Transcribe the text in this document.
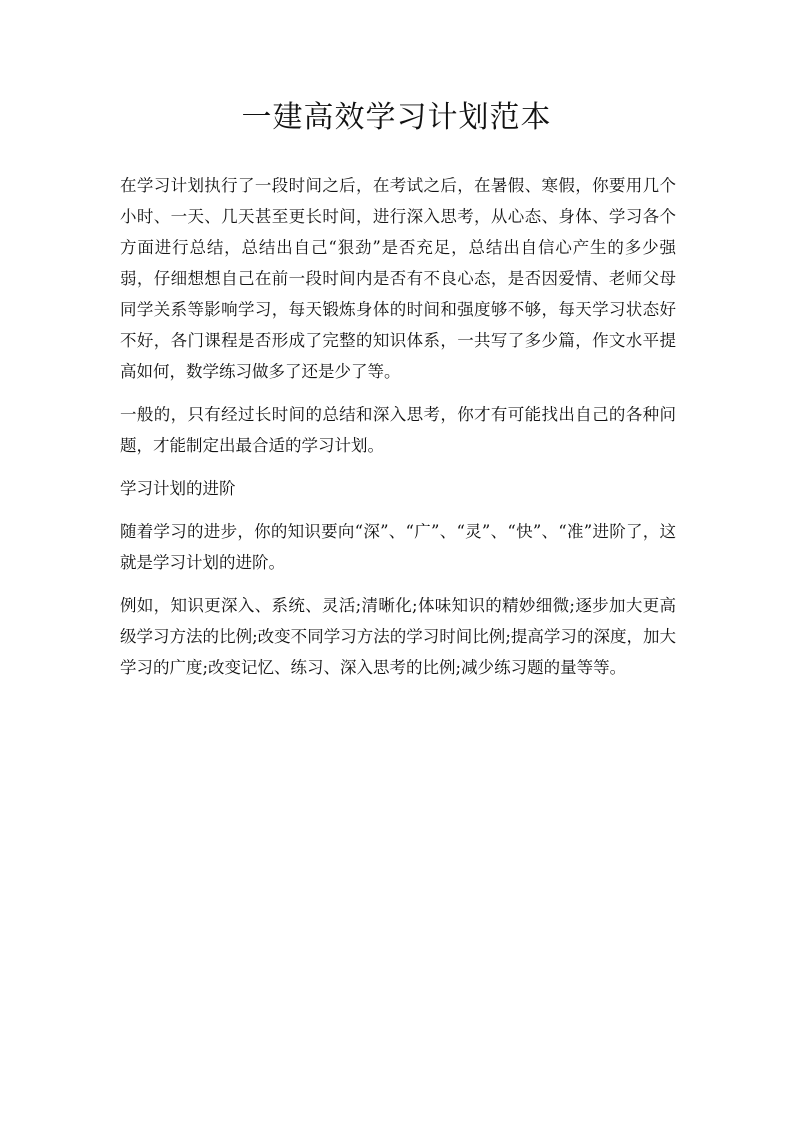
一建高效学习计划范本

在学习计划执行了一段时间之后，在考试之后，在暑假、寒假，你要用几个小时、一天、几天甚至更长时间，进行深入思考，从心态、身体、学习各个方面进行总结，总结出自己“狠劲”是否充足，总结出自信心产生的多少强弱，仔细想想自己在前一段时间内是否有不良心态，是否因爱情、老师父母同学关系等影响学习，每天锻炼身体的时间和强度够不够，每天学习状态好不好，各门课程是否形成了完整的知识体系，一共写了多少篇，作文水平提高如何，数学练习做多了还是少了等。

一般的，只有经过长时间的总结和深入思考，你才有可能找出自己的各种问题，才能制定出最合适的学习计划。

学习计划的进阶

随着学习的进步，你的知识要向“深”、“广”、“灵”、“快”、“准”进阶了，这就是学习计划的进阶。

例如，知识更深入、系统、灵活;清晰化;体味知识的精妙细微;逐步加大更高级学习方法的比例;改变不同学习方法的学习时间比例;提高学习的深度，加大学习的广度;改变记忆、练习、深入思考的比例;减少练习题的量等等。
